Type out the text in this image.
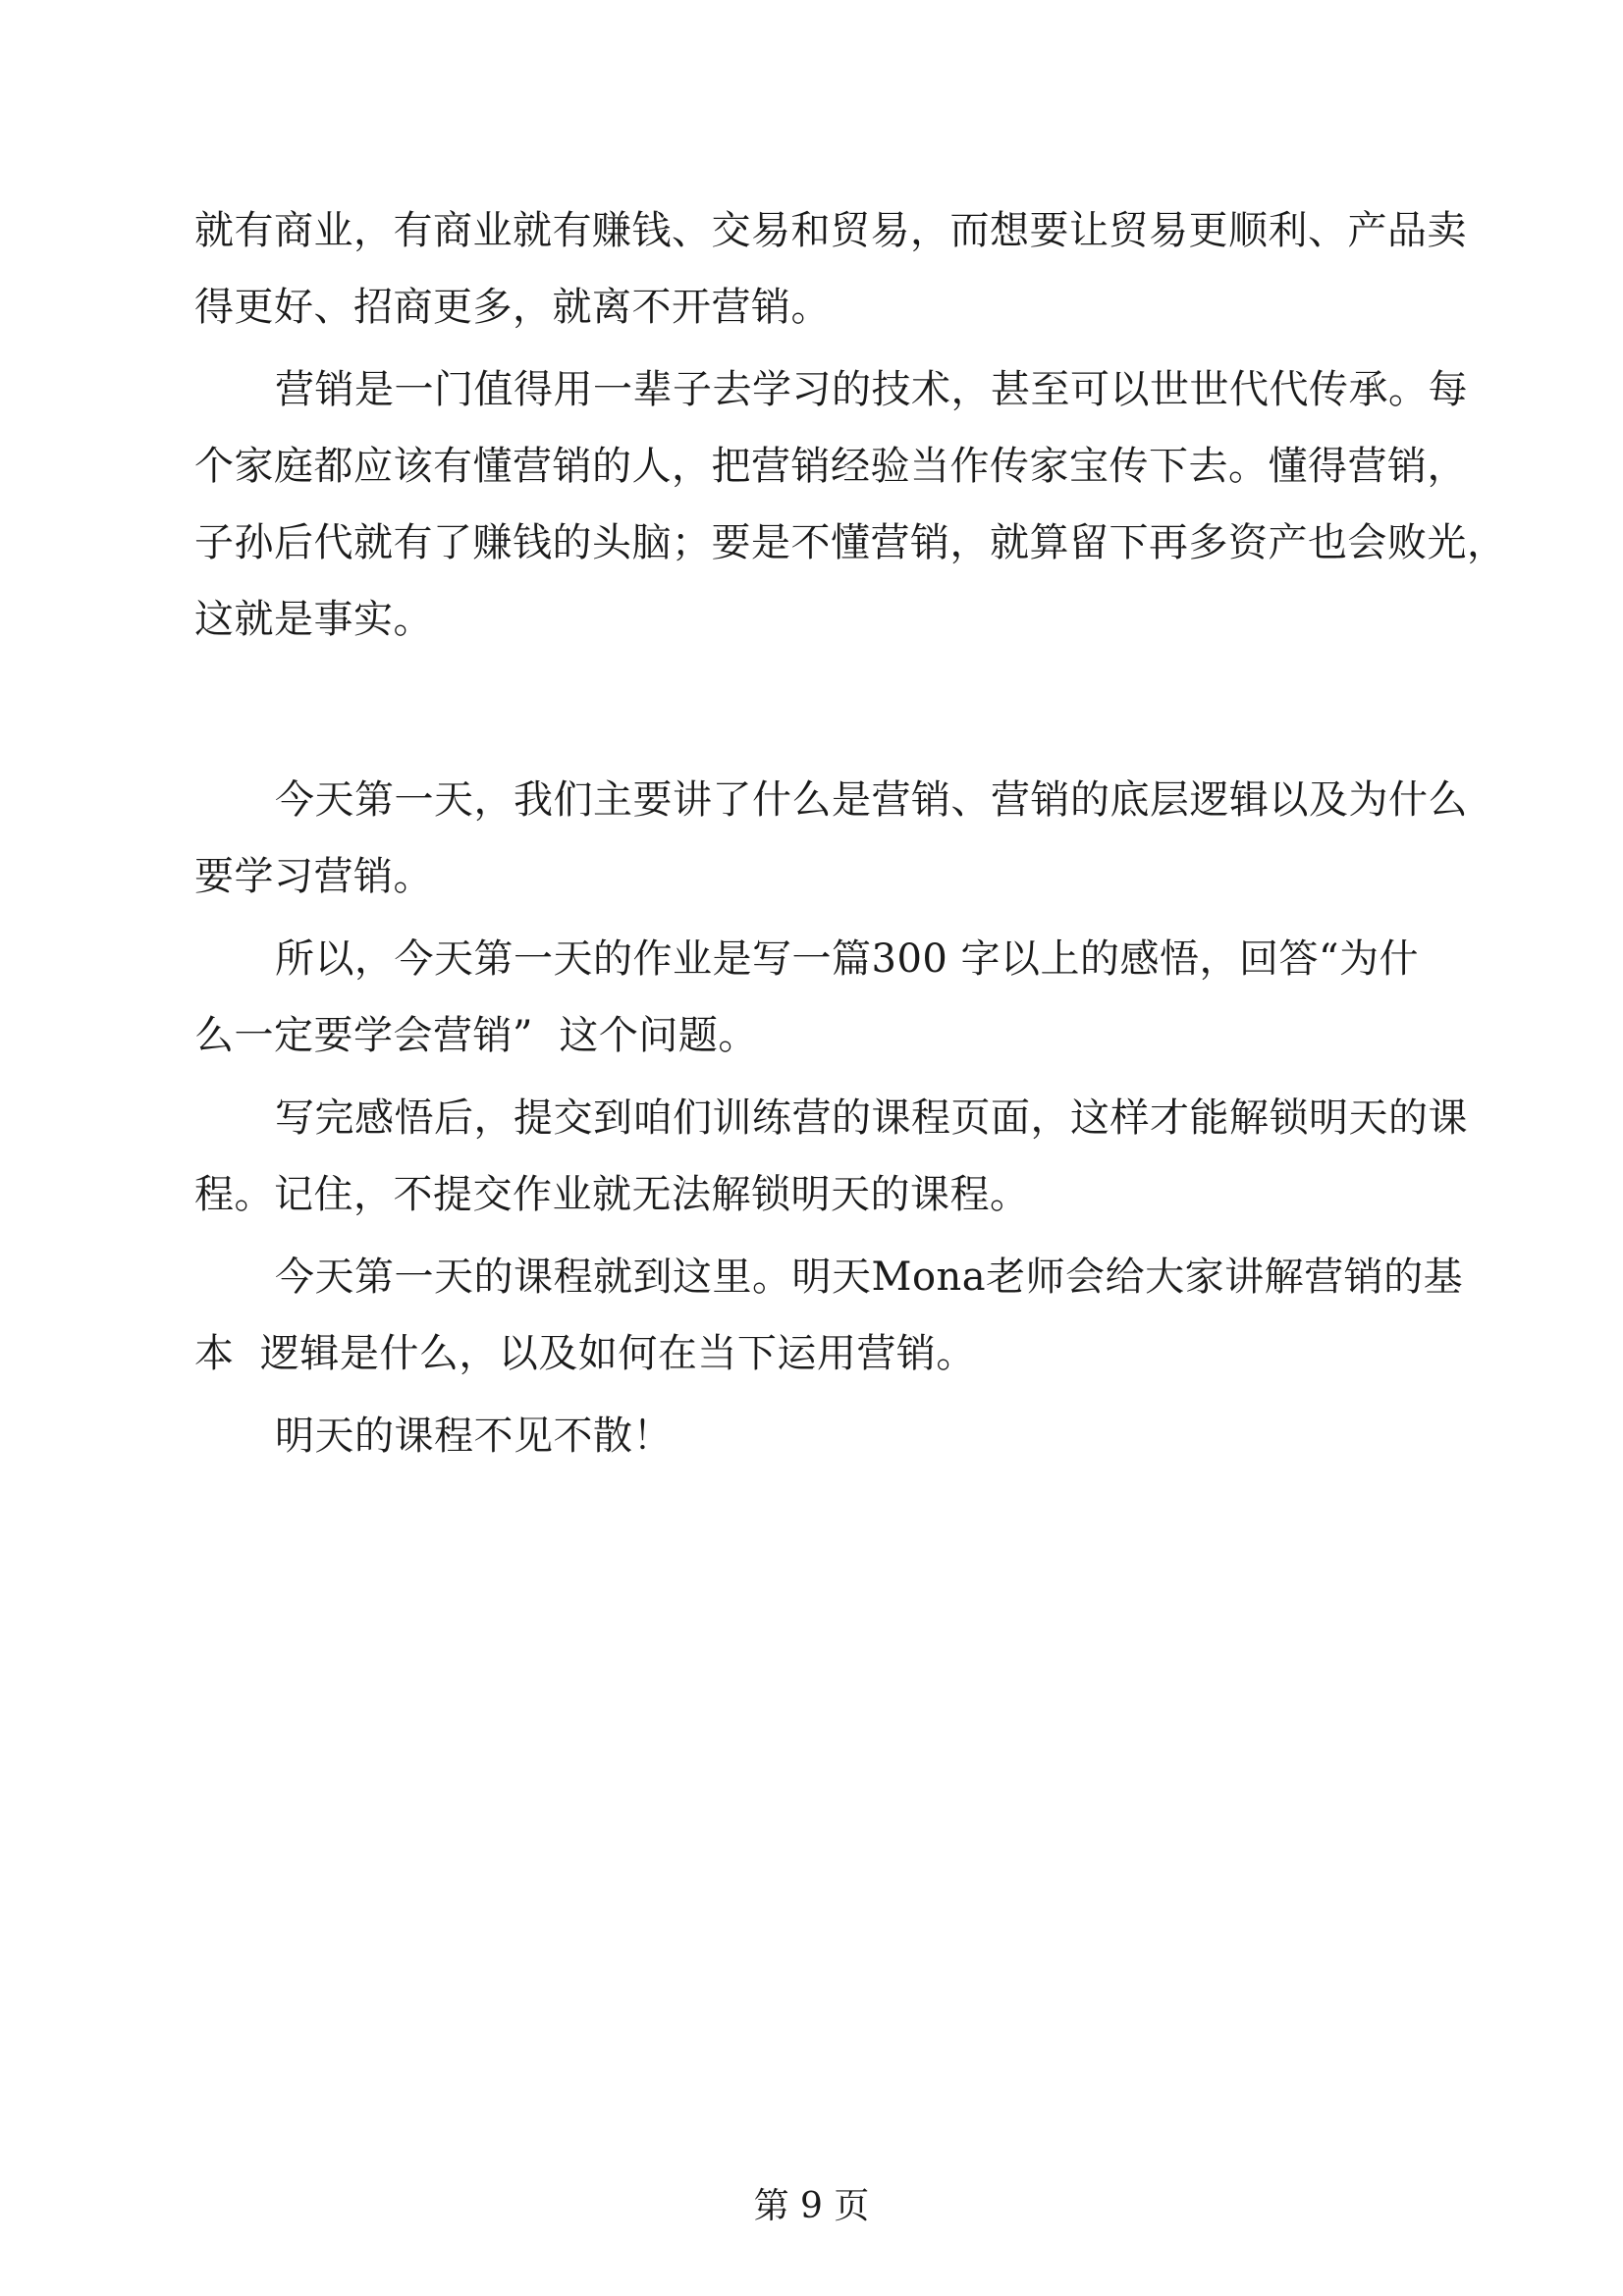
就有商业，有商业就有赚钱、交易和贸易，而想要让贸易更顺利、产品卖
得更好、招商更多，就离不开营销。
营销是一门值得用一辈子去学习的技术，甚至可以世世代代传承。每
个家庭都应该有懂营销的人，把营销经验当作传家宝传下去。懂得营销，
子孙后代就有了赚钱的头脑；要是不懂营销，就算留下再多资产也会败光，
这就是事实。
今天第一天，我们主要讲了什么是营销、营销的底层逻辑以及为什么
要学习营销。
所以，今天第一天的作业是写一篇300 字以上的感悟，回答“为什
么一定要学会营销”  这个问题。
写完感悟后，提交到咱们训练营的课程页面，这样才能解锁明天的课
程。记住，不提交作业就无法解锁明天的课程。
今天第一天的课程就到这里。明天Mona老师会给大家讲解营销的基
本  逻辑是什么，以及如何在当下运用营销。
明天的课程不见不散！
第 9 页
